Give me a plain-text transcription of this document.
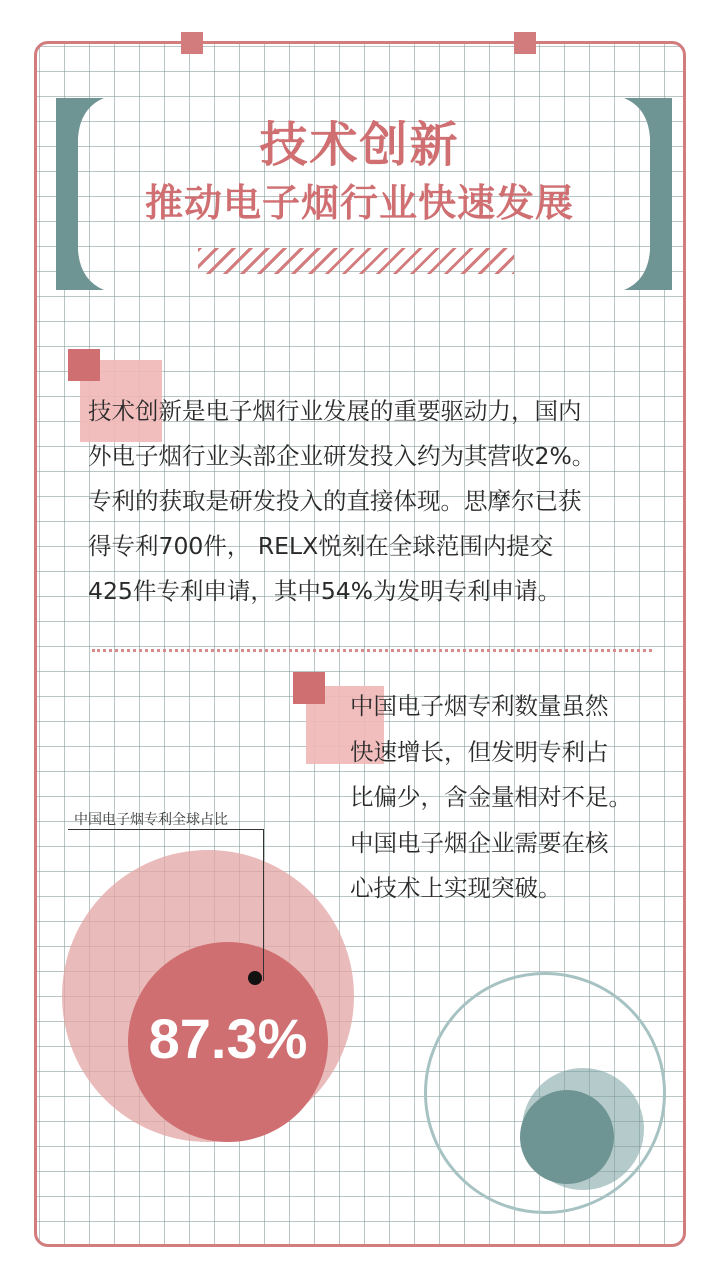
技术创新
推动电子烟行业快速发展

技术创新是电子烟行业发展的重要驱动力，国内
外电子烟行业头部企业研发投入约为其营收2%。
专利的获取是研发投入的直接体现。思摩尔已获
得专利700件， RELX悦刻在全球范围内提交
425件专利申请，其中54%为发明专利申请。

中国电子烟专利数量虽然
快速增长，但发明专利占
比偏少，含金量相对不足。
中国电子烟企业需要在核
心技术上实现突破。

87.3%
中国电子烟专利全球占比
